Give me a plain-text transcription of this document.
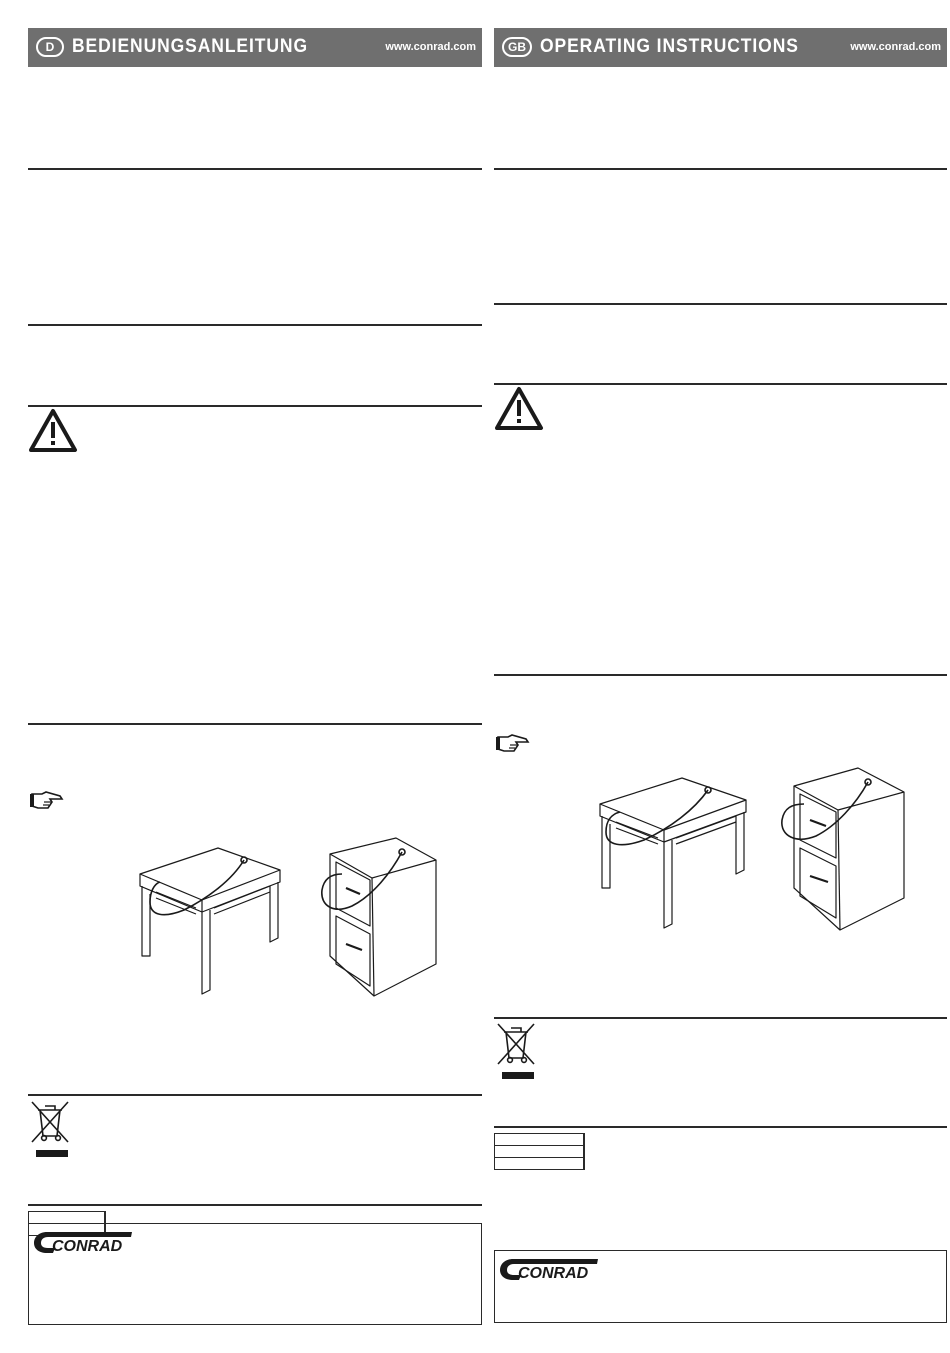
D BEDIENUNGSANLEITUNG	www.conrad.com

CONRAD
GB OPERATING INSTRUCTIONS	www.conrad.com

CONRAD
